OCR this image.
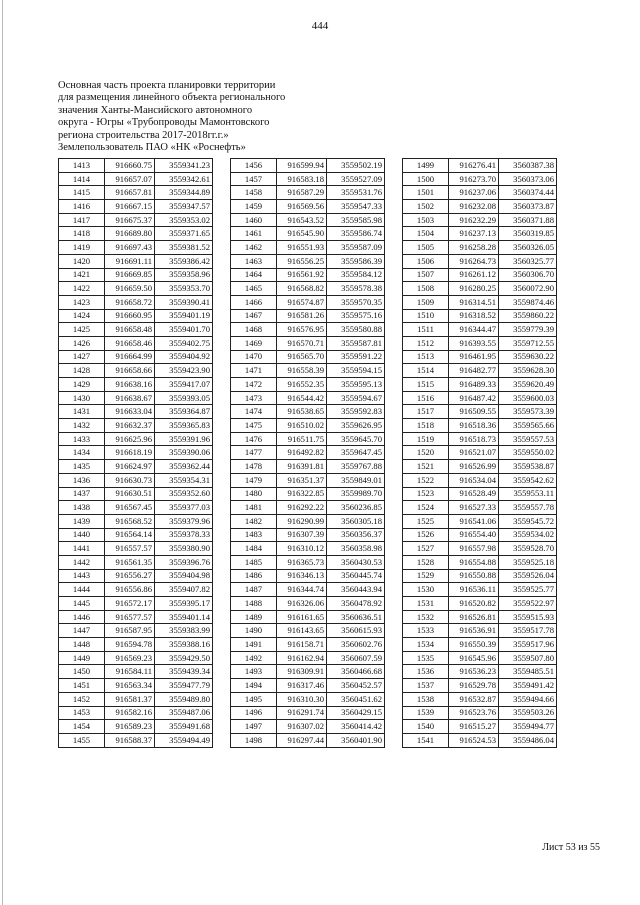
444
Основная часть проекта планировки территории
для размещения линейного объекта регионального
значения Ханты-Мансийского автономного
округа - Югры «Трубопроводы Мамонтовского
региона строительства 2017-2018гг.г.»
Землепользователь ПАО «НК «Роснефть»
1413	916660.75	3559341.23
1414	916657.07	3559342.61
1415	916657.81	3559344.89
1416	916667.15	3559347.57
1417	916675.37	3559353.02
1418	916689.80	3559371.65
1419	916697.43	3559381.52
1420	916691.11	3559386.42
1421	916669.85	3559358.96
1422	916659.50	3559353.70
1423	916658.72	3559390.41
1424	916660.95	3559401.19
1425	916658.48	3559401.70
1426	916658.46	3559402.75
1427	916664.99	3559404.92
1428	916658.66	3559423.90
1429	916638.16	3559417.07
1430	916638.67	3559393.05
1431	916633.04	3559364.87
1432	916632.37	3559365.83
1433	916625.96	3559391.96
1434	916618.19	3559390.06
1435	916624.97	3559362.44
1436	916630.73	3559354.31
1437	916630.51	3559352.60
1438	916567.45	3559377.03
1439	916568.52	3559379.96
1440	916564.14	3559378.33
1441	916557.57	3559380.90
1442	916561.35	3559396.76
1443	916556.27	3559404.98
1444	916556.86	3559407.82
1445	916572.17	3559395.17
1446	916577.57	3559401.14
1447	916587.95	3559383.99
1448	916594.78	3559388.16
1449	916569.23	3559429.50
1450	916584.11	3559439.34
1451	916563.34	3559477.79
1452	916581.37	3559489.80
1453	916582.16	3559487.06
1454	916589.23	3559491.68
1455	916588.37	3559494.49
1456	916599.94	3559502.19
1457	916583.18	3559527.09
1458	916587.29	3559531.76
1459	916569.56	3559547.33
1460	916543.52	3559585.98
1461	916545.90	3559586.74
1462	916551.93	3559587.09
1463	916556.25	3559586.39
1464	916561.92	3559584.12
1465	916568.82	3559578.38
1466	916574.87	3559570.35
1467	916581.26	3559575.16
1468	916576.95	3559580.88
1469	916570.71	3559587.81
1470	916565.70	3559591.22
1471	916558.39	3559594.15
1472	916552.35	3559595.13
1473	916544.42	3559594.67
1474	916538.65	3559592.83
1475	916510.02	3559626.95
1476	916511.75	3559645.70
1477	916492.82	3559647.45
1478	916391.81	3559767.88
1479	916351.37	3559849.01
1480	916322.85	3559989.70
1481	916292.22	3560236.85
1482	916290.99	3560305.18
1483	916307.39	3560356.37
1484	916310.12	3560358.98
1485	916365.73	3560430.53
1486	916346.13	3560445.74
1487	916344.74	3560443.94
1488	916326.06	3560478.92
1489	916161.65	3560636.51
1490	916143.65	3560615.93
1491	916158.71	3560602.76
1492	916162.94	3560607.59
1493	916309.91	3560466.68
1494	916317.46	3560452.57
1495	916310.30	3560451.62
1496	916291.74	3560429.15
1497	916307.02	3560414.42
1498	916297.44	3560401.90
1499	916276.41	3560387.38
1500	916273.70	3560373.06
1501	916237.06	3560374.44
1502	916232.08	3560373.87
1503	916232.29	3560371.88
1504	916237.13	3560319.85
1505	916258.28	3560326.05
1506	916264.73	3560325.77
1507	916261.12	3560306.70
1508	916280.25	3560072.90
1509	916314.51	3559874.46
1510	916318.52	3559860.22
1511	916344.47	3559779.39
1512	916393.55	3559712.55
1513	916461.95	3559630.22
1514	916482.77	3559628.30
1515	916489.33	3559620.49
1516	916487.42	3559600.03
1517	916509.55	3559573.39
1518	916518.36	3559565.66
1519	916518.73	3559557.53
1520	916521.07	3559550.02
1521	916526.99	3559538.87
1522	916534.04	3559542.62
1523	916528.49	3559553.11
1524	916527.33	3559557.78
1525	916541.06	3559545.72
1526	916554.40	3559534.02
1527	916557.98	3559528.70
1528	916554.88	3559525.18
1529	916550.88	3559526.04
1530	916536.11	3559525.77
1531	916520.82	3559522.97
1532	916526.81	3559515.93
1533	916536.91	3559517.78
1534	916550.39	3559517.96
1535	916545.96	3559507.80
1536	916536.23	3559485.51
1537	916529.78	3559491.42
1538	916532.87	3559494.66
1539	916523.76	3559503.26
1540	916515.27	3559494.77
1541	916524.53	3559486.04
Лист 53 из 55
